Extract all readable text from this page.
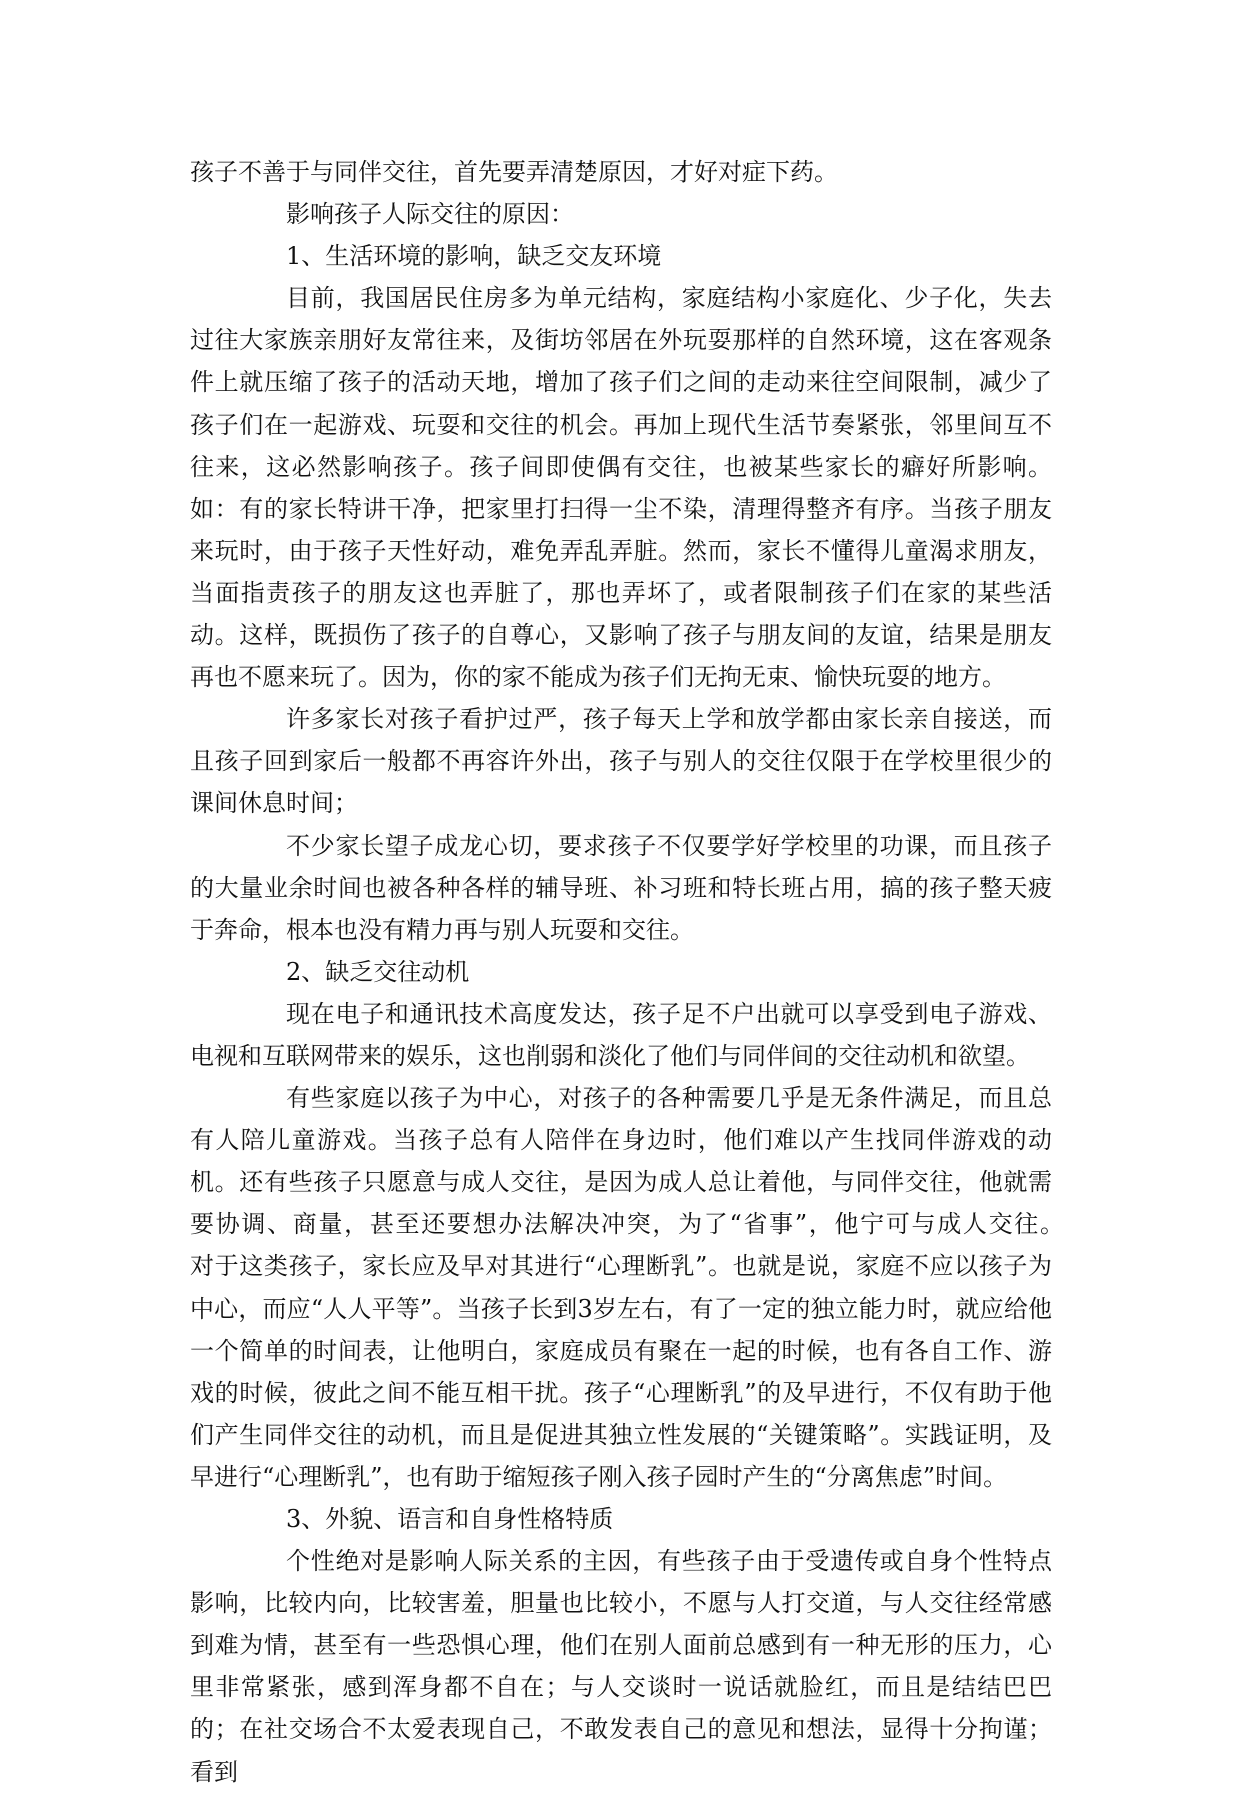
孩子不善于与同伴交往，首先要弄清楚原因，才好对症下药。

影响孩子人际交往的原因：

1、生活环境的影响，缺乏交友环境

目前，我国居民住房多为单元结构，家庭结构小家庭化、少子化，失去过往大家族亲朋好友常往来，及街坊邻居在外玩耍那样的自然环境，这在客观条件上就压缩了孩子的活动天地，增加了孩子们之间的走动来往空间限制，减少了孩子们在一起游戏、玩耍和交往的机会。再加上现代生活节奏紧张，邻里间互不往来，这必然影响孩子。孩子间即使偶有交往，也被某些家长的癖好所影响。如：有的家长特讲干净，把家里打扫得一尘不染，清理得整齐有序。当孩子朋友来玩时，由于孩子天性好动，难免弄乱弄脏。然而，家长不懂得儿童渴求朋友，当面指责孩子的朋友这也弄脏了，那也弄坏了，或者限制孩子们在家的某些活动。这样，既损伤了孩子的自尊心，又影响了孩子与朋友间的友谊，结果是朋友再也不愿来玩了。因为，你的家不能成为孩子们无拘无束、愉快玩耍的地方。

许多家长对孩子看护过严，孩子每天上学和放学都由家长亲自接送，而且孩子回到家后一般都不再容许外出，孩子与别人的交往仅限于在学校里很少的课间休息时间；

不少家长望子成龙心切，要求孩子不仅要学好学校里的功课，而且孩子的大量业余时间也被各种各样的辅导班、补习班和特长班占用，搞的孩子整天疲于奔命，根本也没有精力再与别人玩耍和交往。

2、缺乏交往动机

现在电子和通讯技术高度发达，孩子足不户出就可以享受到电子游戏、电视和互联网带来的娱乐，这也削弱和淡化了他们与同伴间的交往动机和欲望。

有些家庭以孩子为中心，对孩子的各种需要几乎是无条件满足，而且总有人陪儿童游戏。当孩子总有人陪伴在身边时，他们难以产生找同伴游戏的动机。还有些孩子只愿意与成人交往，是因为成人总让着他，与同伴交往，他就需要协调、商量，甚至还要想办法解决冲突，为了“省事”，他宁可与成人交往。　　对于这类孩子，家长应及早对其进行“心理断乳”。也就是说，家庭不应以孩子为中心，而应“人人平等”。当孩子长到3岁左右，有了一定的独立能力时，就应给他一个简单的时间表，让他明白，家庭成员有聚在一起的时候，也有各自工作、游戏的时候，彼此之间不能互相干扰。孩子“心理断乳”的及早进行，不仅有助于他们产生同伴交往的动机，而且是促进其独立性发展的“关键策略”。实践证明，及早进行“心理断乳”，也有助于缩短孩子刚入孩子园时产生的“分离焦虑”时间。

3、外貌、语言和自身性格特质

个性绝对是影响人际关系的主因，有些孩子由于受遗传或自身个性特点影响，比较内向，比较害羞，胆量也比较小，不愿与人打交道，与人交往经常感到难为情，甚至有一些恐惧心理，他们在别人面前总感到有一种无形的压力，心里非常紧张，感到浑身都不自在；与人交谈时一说话就脸红，而且是结结巴巴的；在社交场合不太爱表现自己，不敢发表自己的意见和想法，显得十分拘谨；看到
